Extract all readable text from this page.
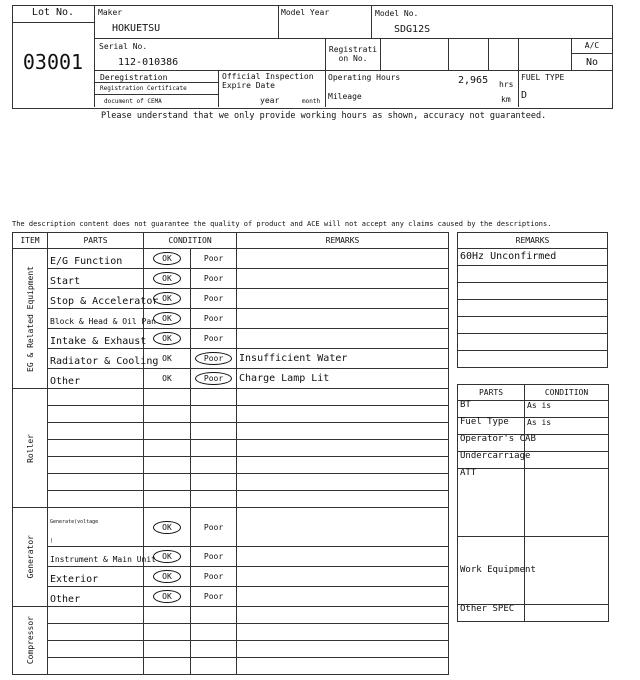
Lot No.
03001
Maker
HOKUETSU
Model Year	Model No.
SDG12S
Serial No.
112-010386
Registrati
on No.
A/C
No
Deregistration
Registration Certificate
document of CEMA
Official Inspection
Expire Date
year	month
Operating Hours	2,965 hrs
Mileage	km
FUEL TYPE
D
Please understand that we only provide working hours as shown, accuracy not guaranteed.
The description content does not guarantee the quality of product and ACE will not accept any claims caused by the descriptions.
ITEM	PARTS	CONDITION		REMARKS

EG & Related Equipment	E/G Function	OK	Poor	
	Start	OK	Poor	
	Stop & Accelerator	OK	Poor	
	Block & Head & Oil Pan	OK	Poor	
	Intake & Exhaust	OK	Poor	
	Radiator & Cooling	OK	Poor	Insufficient Water
	Other	OK	Poor	Charge Lamp Lit

Roller				

Generator	Generate(voltage
)	OK	Poor	
	Instrument & Main Unit	OK	Poor	
	Exterior	OK	Poor	
	Other	OK	Poor	

Compressor				

REMARKS
60Hz Unconfirmed

PARTS	CONDITION
BT	As is
Fuel Type	As is
Operator's CAB	
Undercarriage	
ATT	
Work Equipment	
Other SPEC	
